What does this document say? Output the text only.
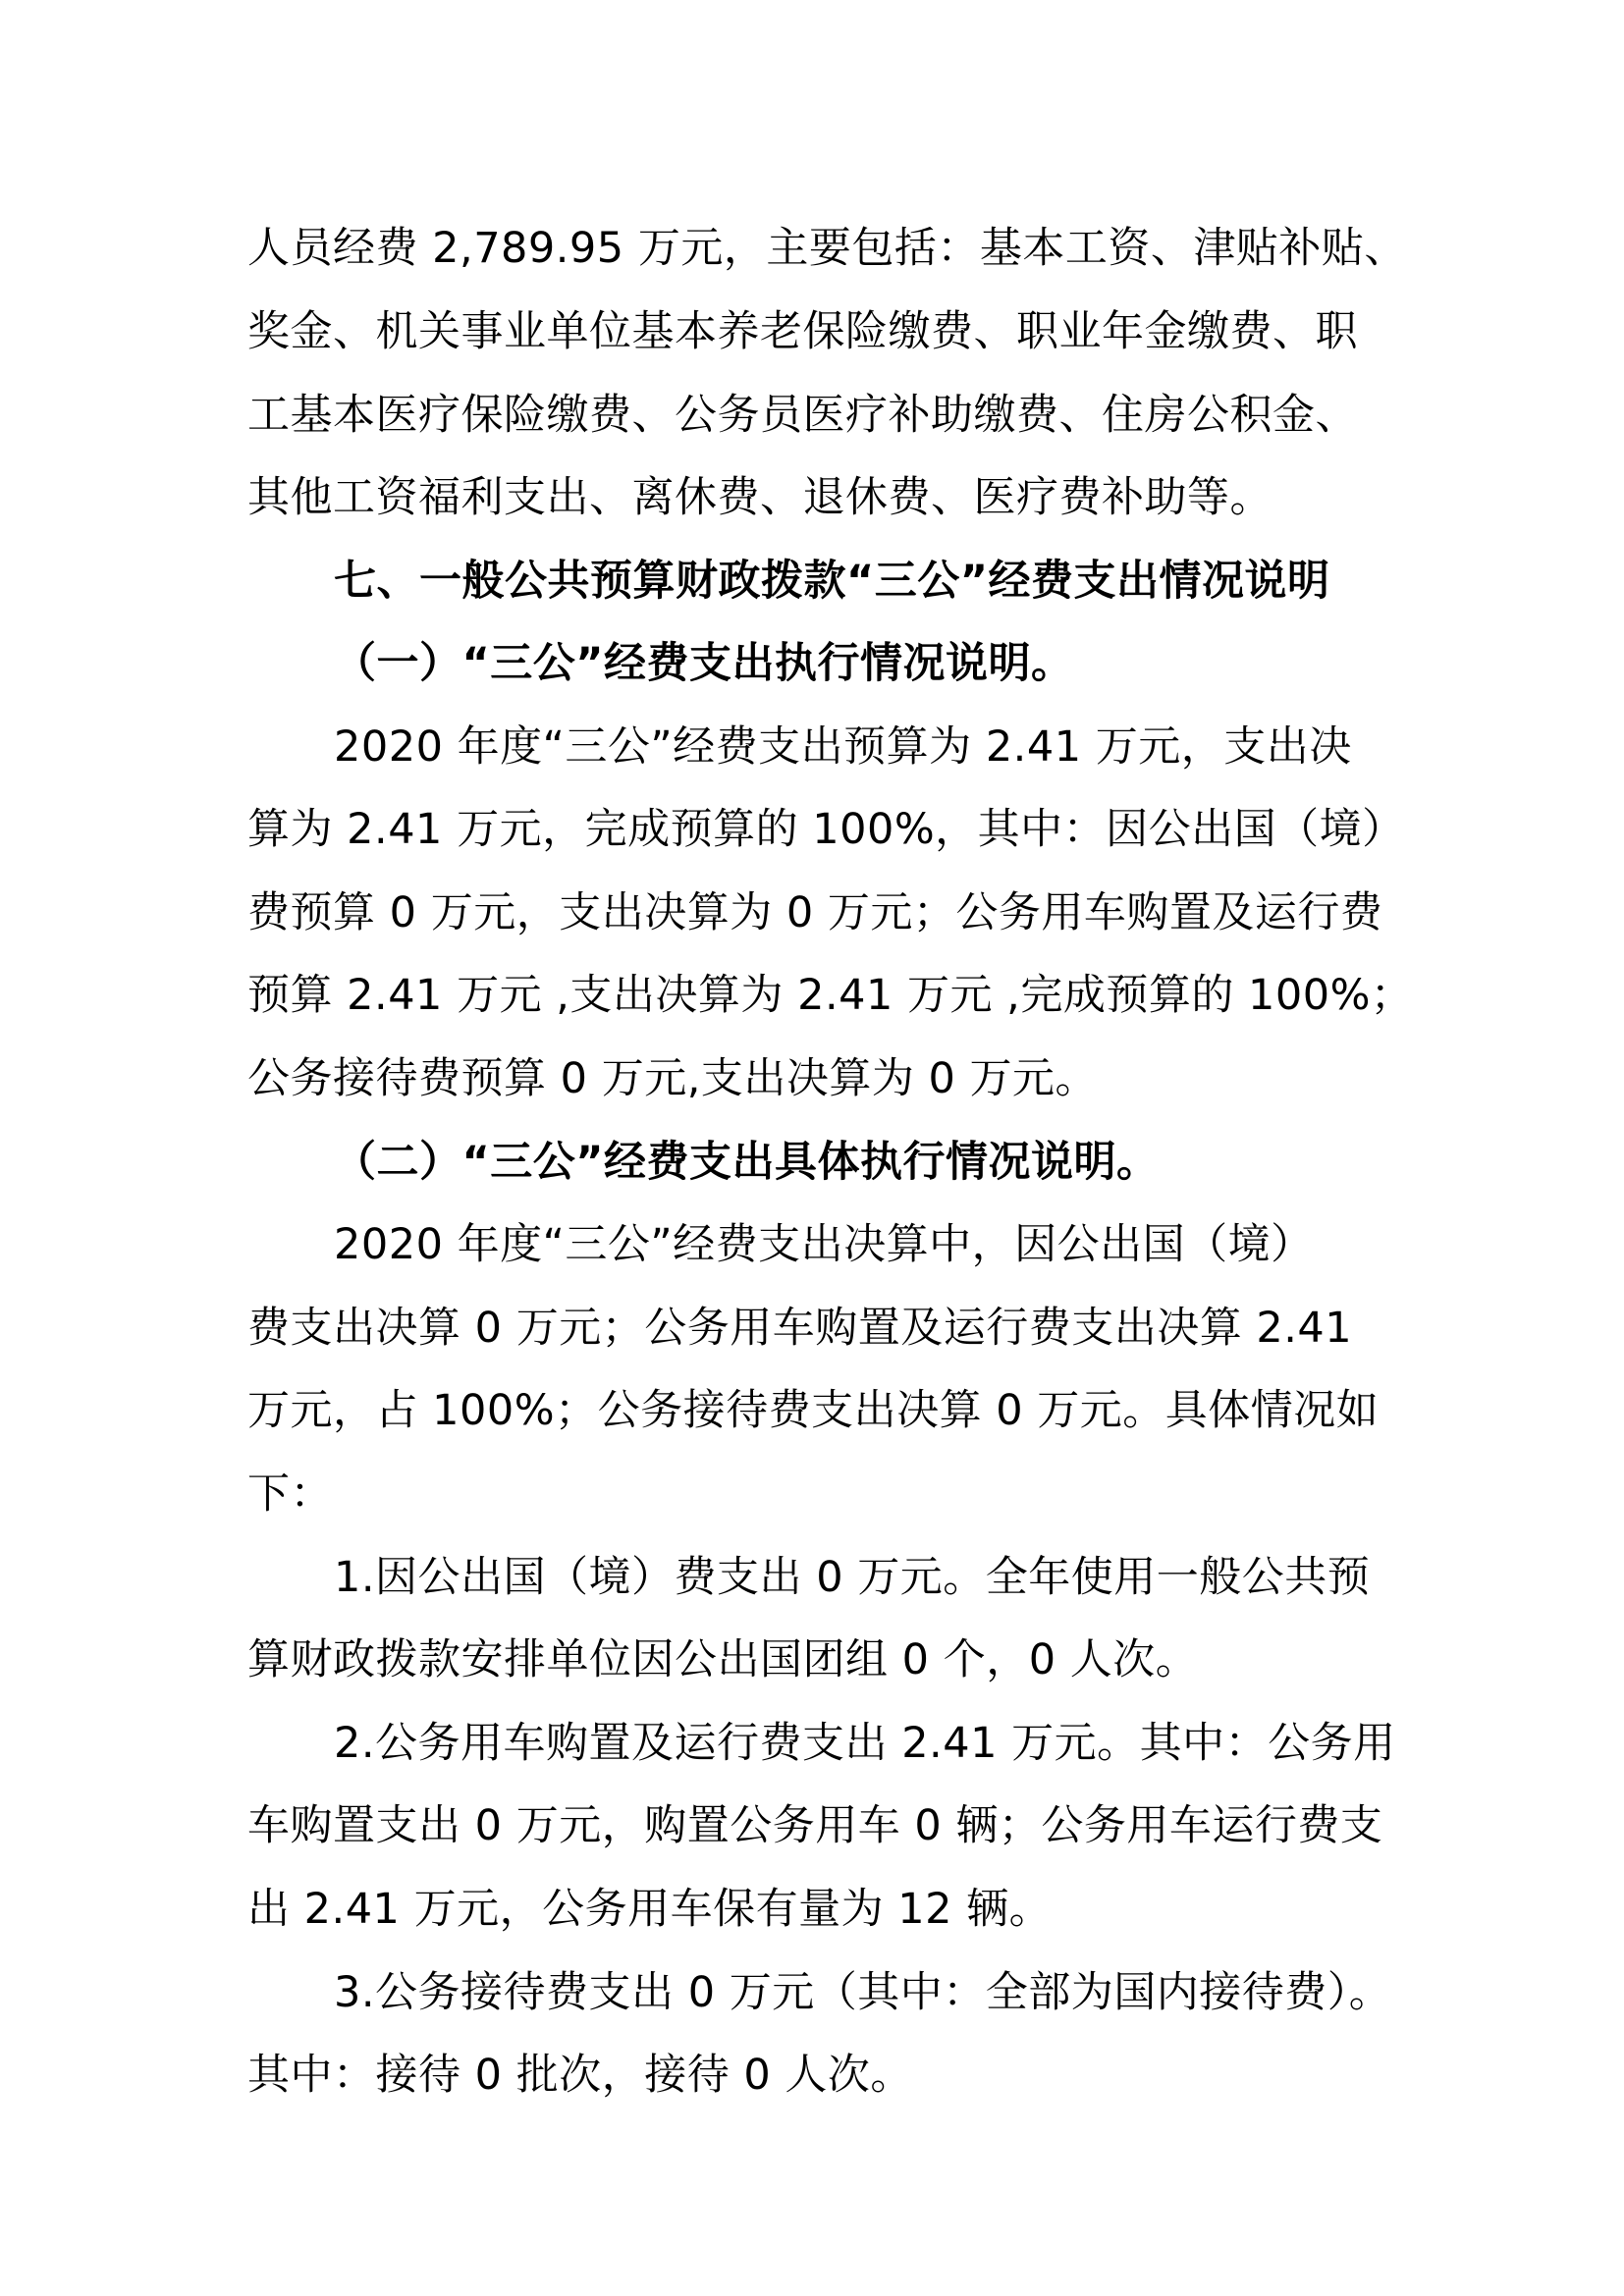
人员经费 2,789.95 万元，主要包括：基本工资、津贴补贴、
奖金、机关事业单位基本养老保险缴费、职业年金缴费、职
工基本医疗保险缴费、公务员医疗补助缴费、住房公积金、
其他工资福利支出、离休费、退休费、医疗费补助等。
七、一般公共预算财政拨款“三公”经费支出情况说明
（一）“三公”经费支出执行情况说明。
2020 年度“三公”经费支出预算为 2.41 万元，支出决
算为 2.41 万元，完成预算的 100%，其中：因公出国（境）
费预算 0 万元，支出决算为 0 万元；公务用车购置及运行费
预算 2.41 万元 ,支出决算为 2.41 万元 ,完成预算的 100%；
公务接待费预算 0 万元,支出决算为 0 万元。
（二）“三公”经费支出具体执行情况说明。
2020 年度“三公”经费支出决算中，因公出国（境）
费支出决算 0 万元；公务用车购置及运行费支出决算 2.41
万元，占 100%；公务接待费支出决算 0 万元。具体情况如
下：
1.因公出国（境）费支出 0 万元。全年使用一般公共预
算财政拨款安排单位因公出国团组 0 个，0 人次。
2.公务用车购置及运行费支出 2.41 万元。其中：公务用
车购置支出 0 万元，购置公务用车 0 辆；公务用车运行费支
出 2.41 万元，公务用车保有量为 12 辆。
3.公务接待费支出 0 万元（其中：全部为国内接待费）。
其中：接待 0 批次，接待 0 人次。
